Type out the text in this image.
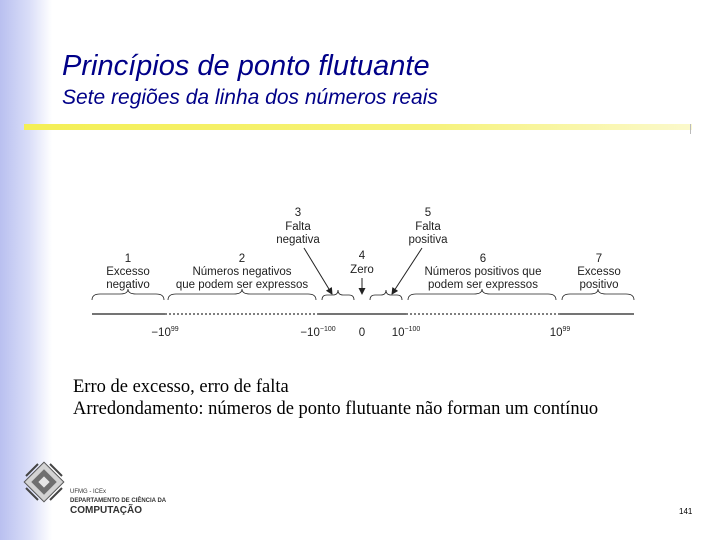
Princípios de ponto flutuante

Sete regiões da linha dos números reais

1
Excesso
negativo
2
Números negativos
que podem ser expressos
3
Falta
negativa
4
Zero
5
Falta
positiva
6
Números positivos que
podem ser expressos
7
Excesso
positivo
$-10^{99}$	$-10^{-100}$ 0 $10^{-100}$	$10^{99}$
Erro de excesso, erro de falta
Arredondamento: números de ponto flutuante não forman um contínuo
UFMG - ICEx
DEPARTAMENTO DE CIÊNCIA DA
COMPUTAÇÃO	141
